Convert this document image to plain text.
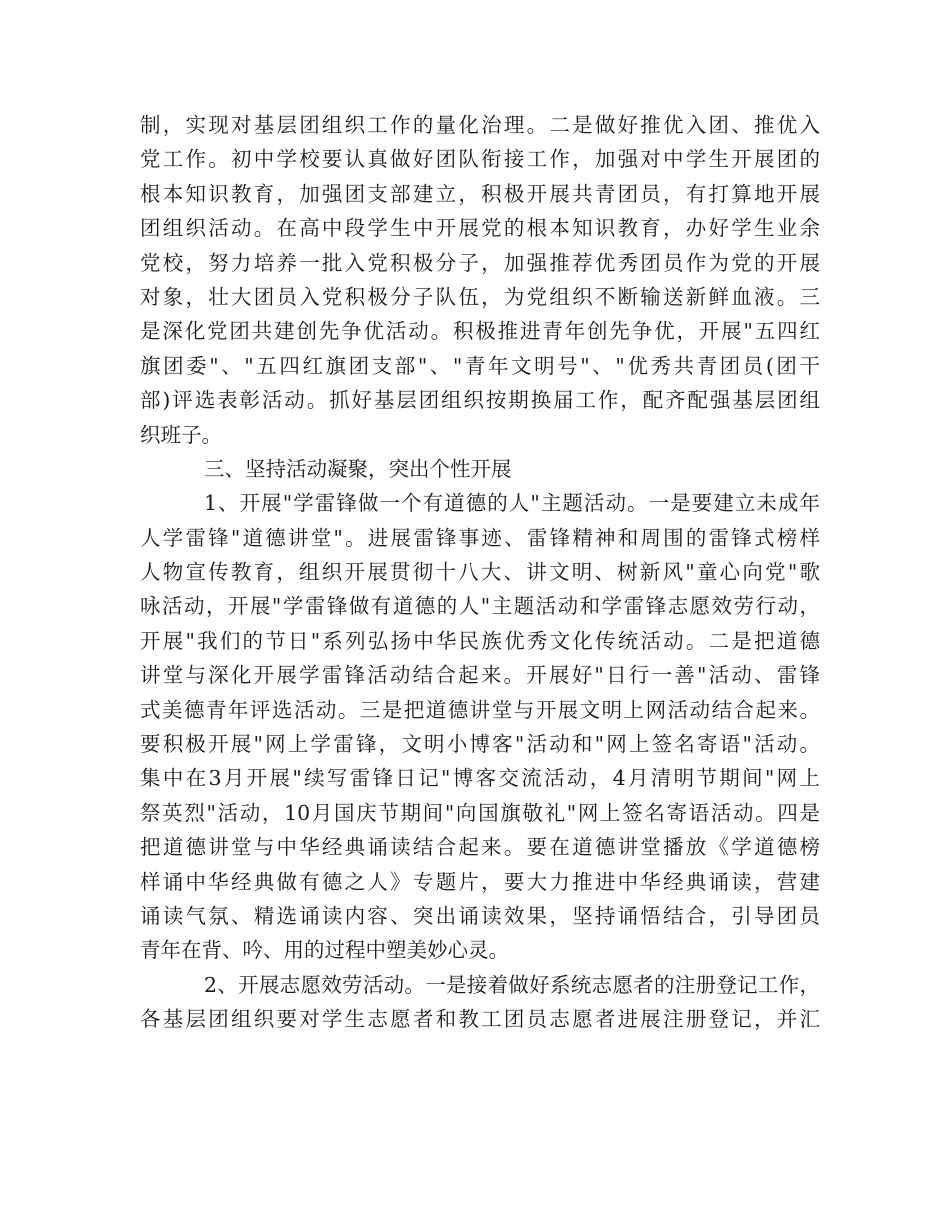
制，实现对基层团组织工作的量化治理。二是做好推优入团、推优入
党工作。初中学校要认真做好团队衔接工作，加强对中学生开展团的
根本知识教育，加强团支部建立，积极开展共青团员，有打算地开展
团组织活动。在高中段学生中开展党的根本知识教育，办好学生业余
党校，努力培养一批入党积极分子，加强推荐优秀团员作为党的开展
对象，壮大团员入党积极分子队伍，为党组织不断输送新鲜血液。三
是深化党团共建创先争优活动。积极推进青年创先争优，开展"五四红
旗团委"、"五四红旗团支部"、"青年文明号"、"优秀共青团员(团干
部)评选表彰活动。抓好基层团组织按期换届工作，配齐配强基层团组
织班子。
三、坚持活动凝聚，突出个性开展
1、开展"学雷锋做一个有道德的人"主题活动。一是要建立未成年
人学雷锋"道德讲堂"。进展雷锋事迹、雷锋精神和周围的雷锋式榜样
人物宣传教育，组织开展贯彻十八大、讲文明、树新风"童心向党"歌
咏活动，开展"学雷锋做有道德的人"主题活动和学雷锋志愿效劳行动，
开展"我们的节日"系列弘扬中华民族优秀文化传统活动。二是把道德
讲堂与深化开展学雷锋活动结合起来。开展好"日行一善"活动、雷锋
式美德青年评选活动。三是把道德讲堂与开展文明上网活动结合起来。
要积极开展"网上学雷锋，文明小博客"活动和"网上签名寄语"活动。
集中在3月开展"续写雷锋日记"博客交流活动，4月清明节期间"网上
祭英烈"活动，10月国庆节期间"向国旗敬礼"网上签名寄语活动。四是
把道德讲堂与中华经典诵读结合起来。要在道德讲堂播放《学道德榜
样诵中华经典做有德之人》专题片，要大力推进中华经典诵读，营建
诵读气氛、精选诵读内容、突出诵读效果，坚持诵悟结合，引导团员
青年在背、吟、用的过程中塑美妙心灵。
2、开展志愿效劳活动。一是接着做好系统志愿者的注册登记工作，
各基层团组织要对学生志愿者和教工团员志愿者进展注册登记，并汇
